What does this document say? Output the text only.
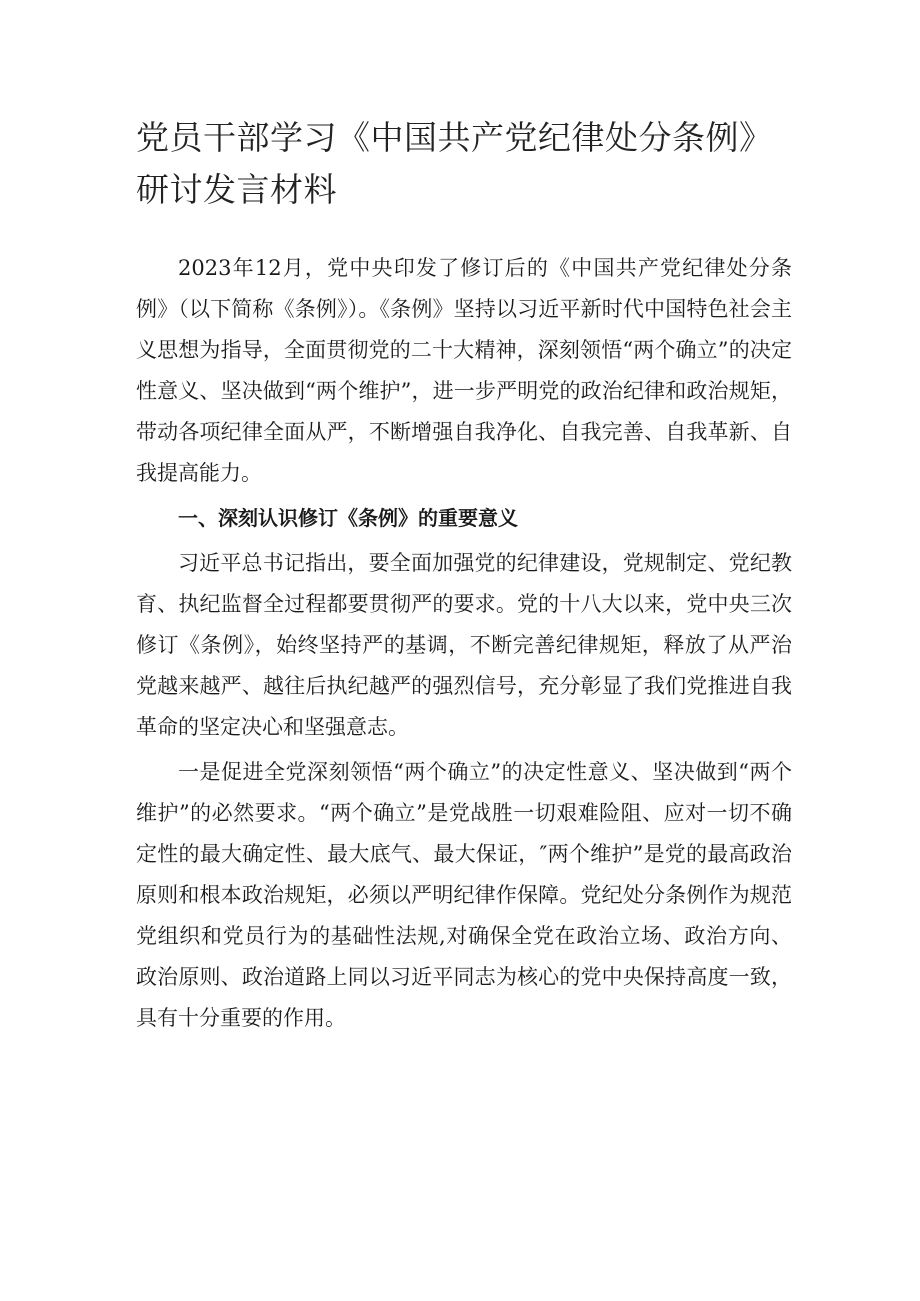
党员干部学习《中国共产党纪律处分条例》研讨发言材料

2023年12月，党中央印发了修订后的《中国共产党纪律处分条例》（以下简称《条例》）。《条例》坚持以习近平新时代中国特色社会主义思想为指导，全面贯彻党的二十大精神，深刻领悟“两个确立”的决定性意义、坚决做到“两个维护”，进一步严明党的政治纪律和政治规矩，带动各项纪律全面从严，不断增强自我净化、自我完善、自我革新、自我提高能力。

一、深刻认识修订《条例》的重要意义

习近平总书记指出，要全面加强党的纪律建设，党规制定、党纪教育、执纪监督全过程都要贯彻严的要求。党的十八大以来，党中央三次修订《条例》，始终坚持严的基调，不断完善纪律规矩，释放了从严治党越来越严、越往后执纪越严的强烈信号，充分彰显了我们党推进自我革命的坚定决心和坚强意志。

一是促进全党深刻领悟“两个确立”的决定性意义、坚决做到“两个维护”的必然要求。“两个确立”是党战胜一切艰难险阻、应对一切不确定性的最大确定性、最大底气、最大保证，″两个维护”是党的最高政治原则和根本政治规矩，必须以严明纪律作保障。党纪处分条例作为规范党组织和党员行为的基础性法规,对确保全党在政治立场、政治方向、政治原则、政治道路上同以习近平同志为核心的党中央保持高度一致，具有十分重要的作用。
